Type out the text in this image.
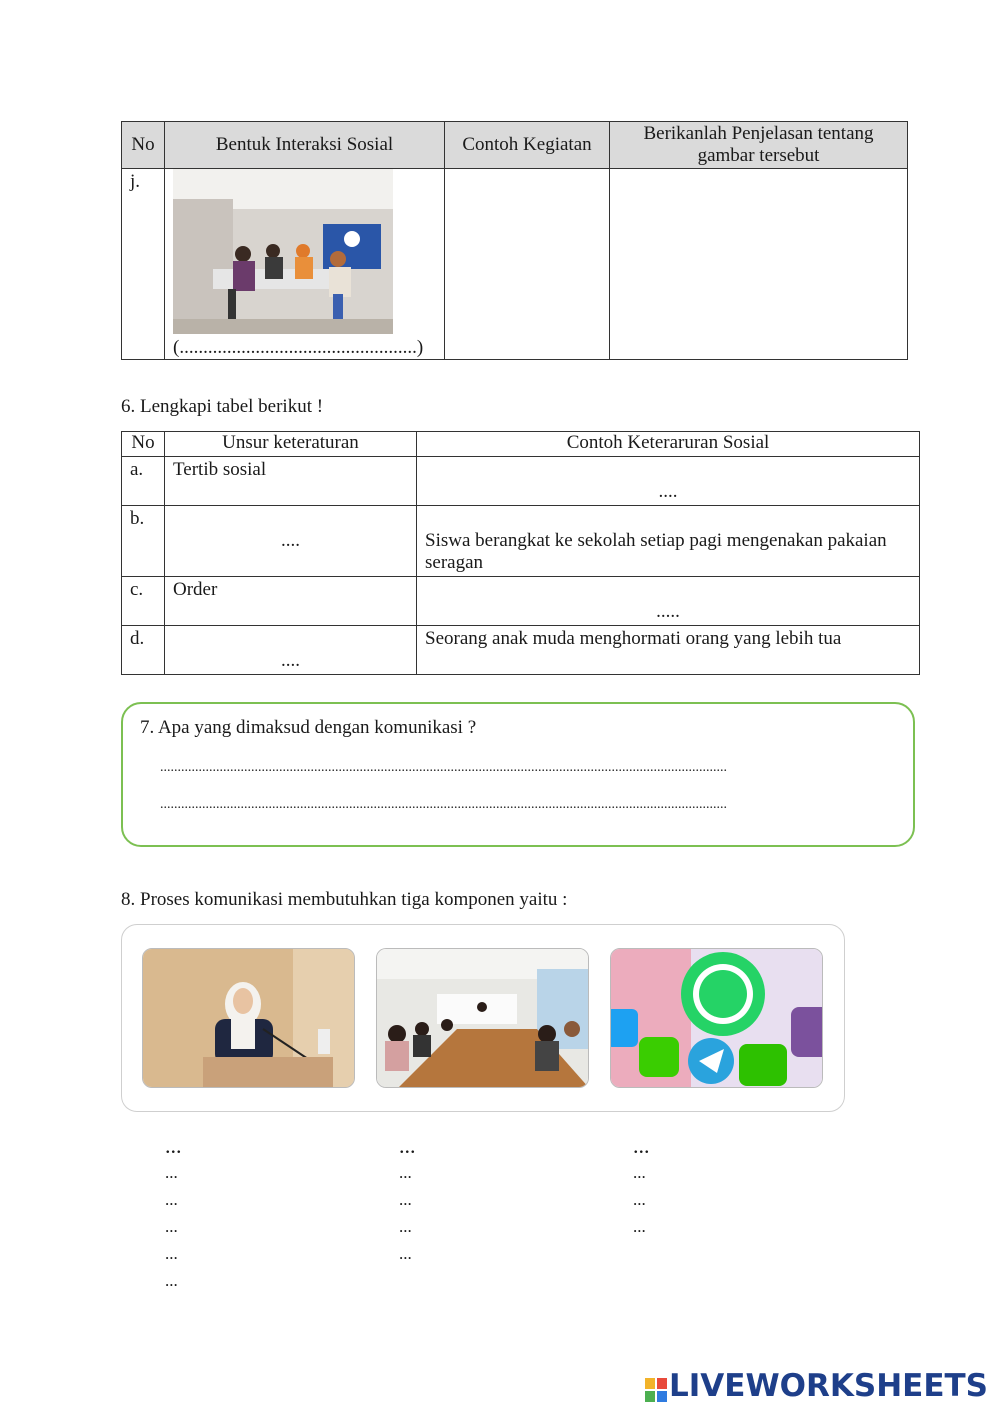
No	Bentuk Interaksi Sosial	Contoh Kegiatan	Berikanlah Penjelasan tentang gambar tersebut
j.	(..................................................)		

6. Lengkapi tabel berikut !
No	Unsur keteraturan	Contoh Keteraruran Sosial
a.	Tertib sosial	....

b.	....	Siswa berangkat ke sekolah setiap pagi mengenakan pakaian seragan

c.	Order	.....

d.	....	Seorang anak muda menghormati orang yang lebih tua
7. Apa yang dimaksud dengan komunikasi ?
..................................................................................................................................................................
..................................................................................................................................................................
8. Proses komunikasi membutuhkan tiga komponen yaitu :
...
...
...
...
...
...
...
...
...
...
...
...
...
...
...
LIVEWORKSHEETS
